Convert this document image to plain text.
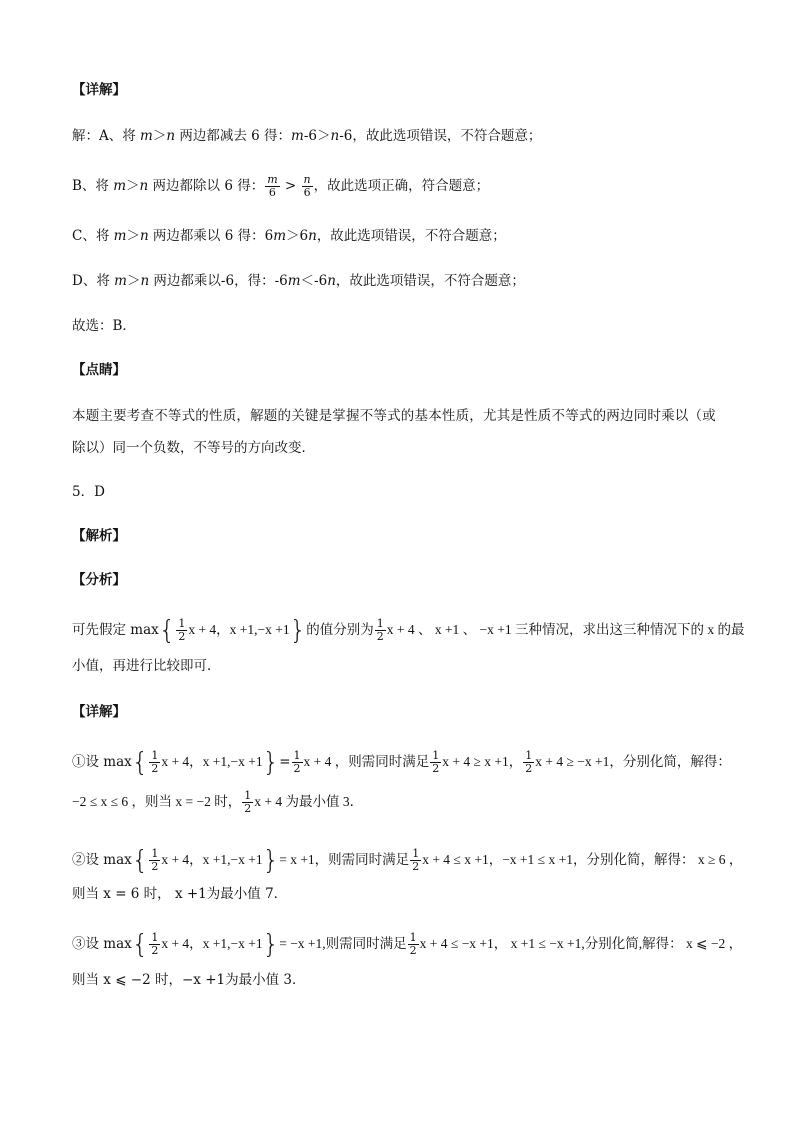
【详解】
解：A、将 m＞n 两边都减去 6 得：m-6＞n-6，故此选项错误，不符合题意；
B、将 m＞n 两边都除以 6 得： $\frac{m}{6} > \frac{n}{6}$ ，故此选项正确，符合题意；
C、将 m＞n 两边都乘以 6 得：6m＞6n，故此选项错误，不符合题意；
D、将 m＞n 两边都乘以-6，得：-6m＜-6n，故此选项错误，不符合题意；
故选：B．
【点睛】
本题主要考查不等式的性质，解题的关键是掌握不等式的基本性质，尤其是性质不等式的两边同时乘以（或
除以）同一个负数，不等号的方向改变．
5．D
【解析】
【分析】
可先假定 $\max\{ \frac{1}{2}$ x + 4，x +1,−x +1}的值分别为 $\frac{1}{2}$ x + 4 、 x +1 、 −x +1 三种情况，求出这三种情况下的 x 的最
小值，再进行比较即可．
【详解】
①设 $\max\{ \frac{1}{2}$ x + 4，$x +1,-x +1\}= \frac{1}{2}$ x + 4 ，则需同时满足 $\frac{1}{2}$ x + 4 ≥ x +1， $\frac{1}{2}$ x + 4 ≥ −x +1，分别化简，解得：
−2 ≤ x ≤ 6 ，则当 x = −2 时， $\frac{1}{2}$ x + 4 为最小值 3．
②设 $\max\{ \frac{1}{2}$ x + 4，x +1,−x +1}= x +1，则需同时满足 $\frac{1}{2}$ x + 4 ≤ x +1，−x +1 ≤ x +1，分别化简，解得： x ≥ 6 ，
则当 x = 6 时， x +1为最小值 7．
③设 $\max\{ \frac{1}{2}$ x + 4，x +1,−x +1}= −x +1,则需同时满足 $\frac{1}{2}$ x + 4 ≤ −x +1， x +1 ≤ −x +1,分别化简,解得： x ⩽ −2 ，
则当 x ⩽ −2 时，−x +1为最小值 3．
